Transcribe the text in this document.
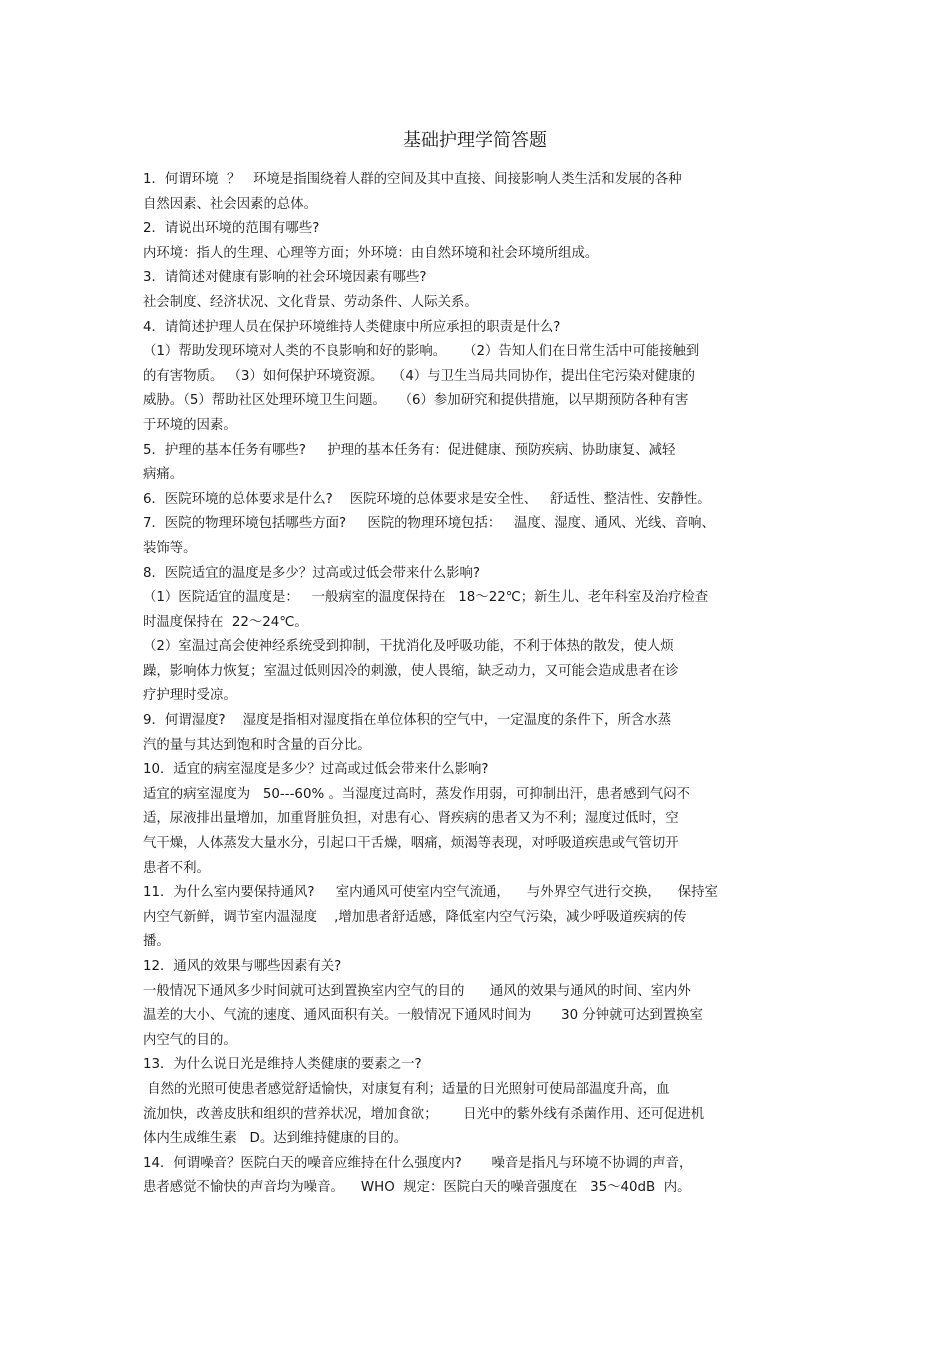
基础护理学简答题
1．何谓环境  ？   环境是指围绕着人群的空间及其中直接、间接影响人类生活和发展的各种
自然因素、社会因素的总体。
2．请说出环境的范围有哪些?
内环境：指人的生理、心理等方面；外环境：由自然环境和社会环境所组成。
3．请简述对健康有影响的社会环境因素有哪些?
社会制度、经济状况、文化背景、劳动条件、人际关系。
4．请简述护理人员在保护环境维持人类健康中所应承担的职责是什么?
（1）帮助发现环境对人类的不良影响和好的影响。    （2）告知人们在日常生活中可能接触到
的有害物质。 （3）如何保护环境资源。  （4）与卫生当局共同协作，提出住宅污染对健康的
威胁。（5）帮助社区处理环境卫生问题。   （6）参加研究和提供措施，以早期预防各种有害
于环境的因素。
5．护理的基本任务有哪些?     护理的基本任务有：促进健康、预防疾病、协助康复、减轻
病痛。
6．医院环境的总体要求是什么?    医院环境的总体要求是安全性、   舒适性、整洁性、安静性。
7．医院的物理环境包括哪些方面?     医院的物理环境包括：   温度、湿度、通风、光线、音响、
装饰等。
8．医院适宜的温度是多少？过高或过低会带来什么影响?
（1）医院适宜的温度是：   一般病室的温度保持在   18～22℃；新生儿、老年科室及治疗检查
时温度保持在  22～24℃。
（2）室温过高会使神经系统受到抑制，干扰消化及呼吸功能，不利于体热的散发，使人烦
躁，影响体力恢复；室温过低则因冷的刺激，使人畏缩，缺乏动力，又可能会造成患者在诊
疗护理时受凉。
9．何谓湿度?    湿度是指相对湿度指在单位体积的空气中，一定温度的条件下，所含水蒸
汽的量与其达到饱和时含量的百分比。
10．适宜的病室湿度是多少？过高或过低会带来什么影响?
适宜的病室湿度为   50---60% 。当湿度过高时，蒸发作用弱，可抑制出汗，患者感到气闷不
适，尿液排出量增加，加重肾脏负担，对患有心、肾疾病的患者又为不利；湿度过低时，空
气干燥，人体蒸发大量水分，引起口干舌燥，咽痛，烦渴等表现，对呼吸道疾患或气管切开
患者不利。
11．为什么室内要保持通风?     室内通风可使室内空气流通，    与外界空气进行交换，    保持室
内空气新鲜，调节室内温湿度    ,增加患者舒适感，降低室内空气污染，减少呼吸道疾病的传
播。
12．通风的效果与哪些因素有关?
一般情况下通风多少时间就可达到置换室内空气的目的      通风的效果与通风的时间、室内外
温差的大小、气流的速度、通风面积有关。一般情况下通风时间为       30 分钟就可达到置换室
内空气的目的。
13．为什么说日光是维持人类健康的要素之一?
自然的光照可使患者感觉舒适愉快，对康复有利；适量的日光照射可使局部温度升高，血
流加快，改善皮肤和组织的营养状况，增加食欲；      日光中的紫外线有杀菌作用、还可促进机
体内生成维生素   D。达到维持健康的目的。
14．何谓噪音？医院白天的噪音应维持在什么强度内?       噪音是指凡与环境不协调的声音，
患者感觉不愉快的声音均为噪音。    WHO  规定：医院白天的噪音强度在   35～40dB  内。
